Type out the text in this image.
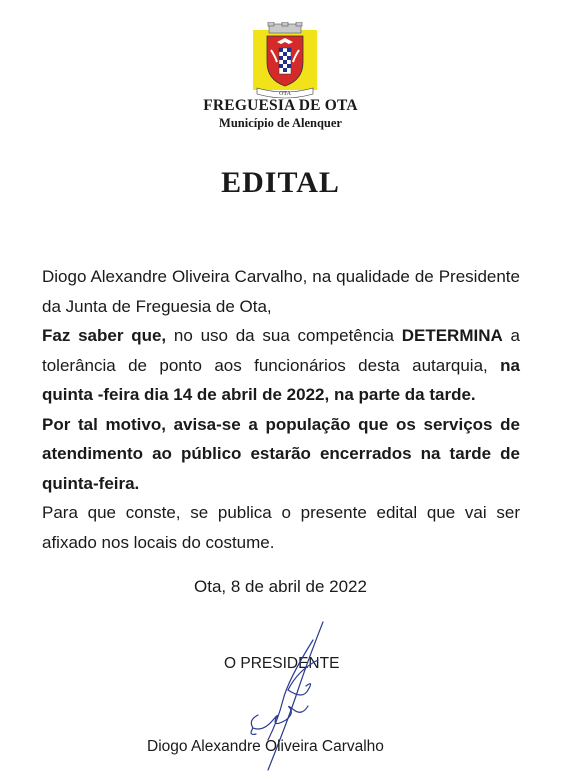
OTA
FREGUESIA DE OTA
Município de Alenquer
EDITAL

Diogo Alexandre Oliveira Carvalho, na qualidade de Presidente da Junta de Freguesia de Ota,

Faz saber que, no uso da sua competência DETERMINA a tolerância de ponto aos funcionários desta autarquia, na quinta -feira dia 14 de abril de 2022, na parte da tarde.

Por tal motivo, avisa-se a população que os serviços de atendimento ao público estarão encerrados na tarde de quinta-feira.

Para que conste, se publica o presente edital que vai ser afixado nos locais do costume.

Ota, 8 de abril de 2022
O PRESIDENTE
Diogo Alexandre Oliveira Carvalho
